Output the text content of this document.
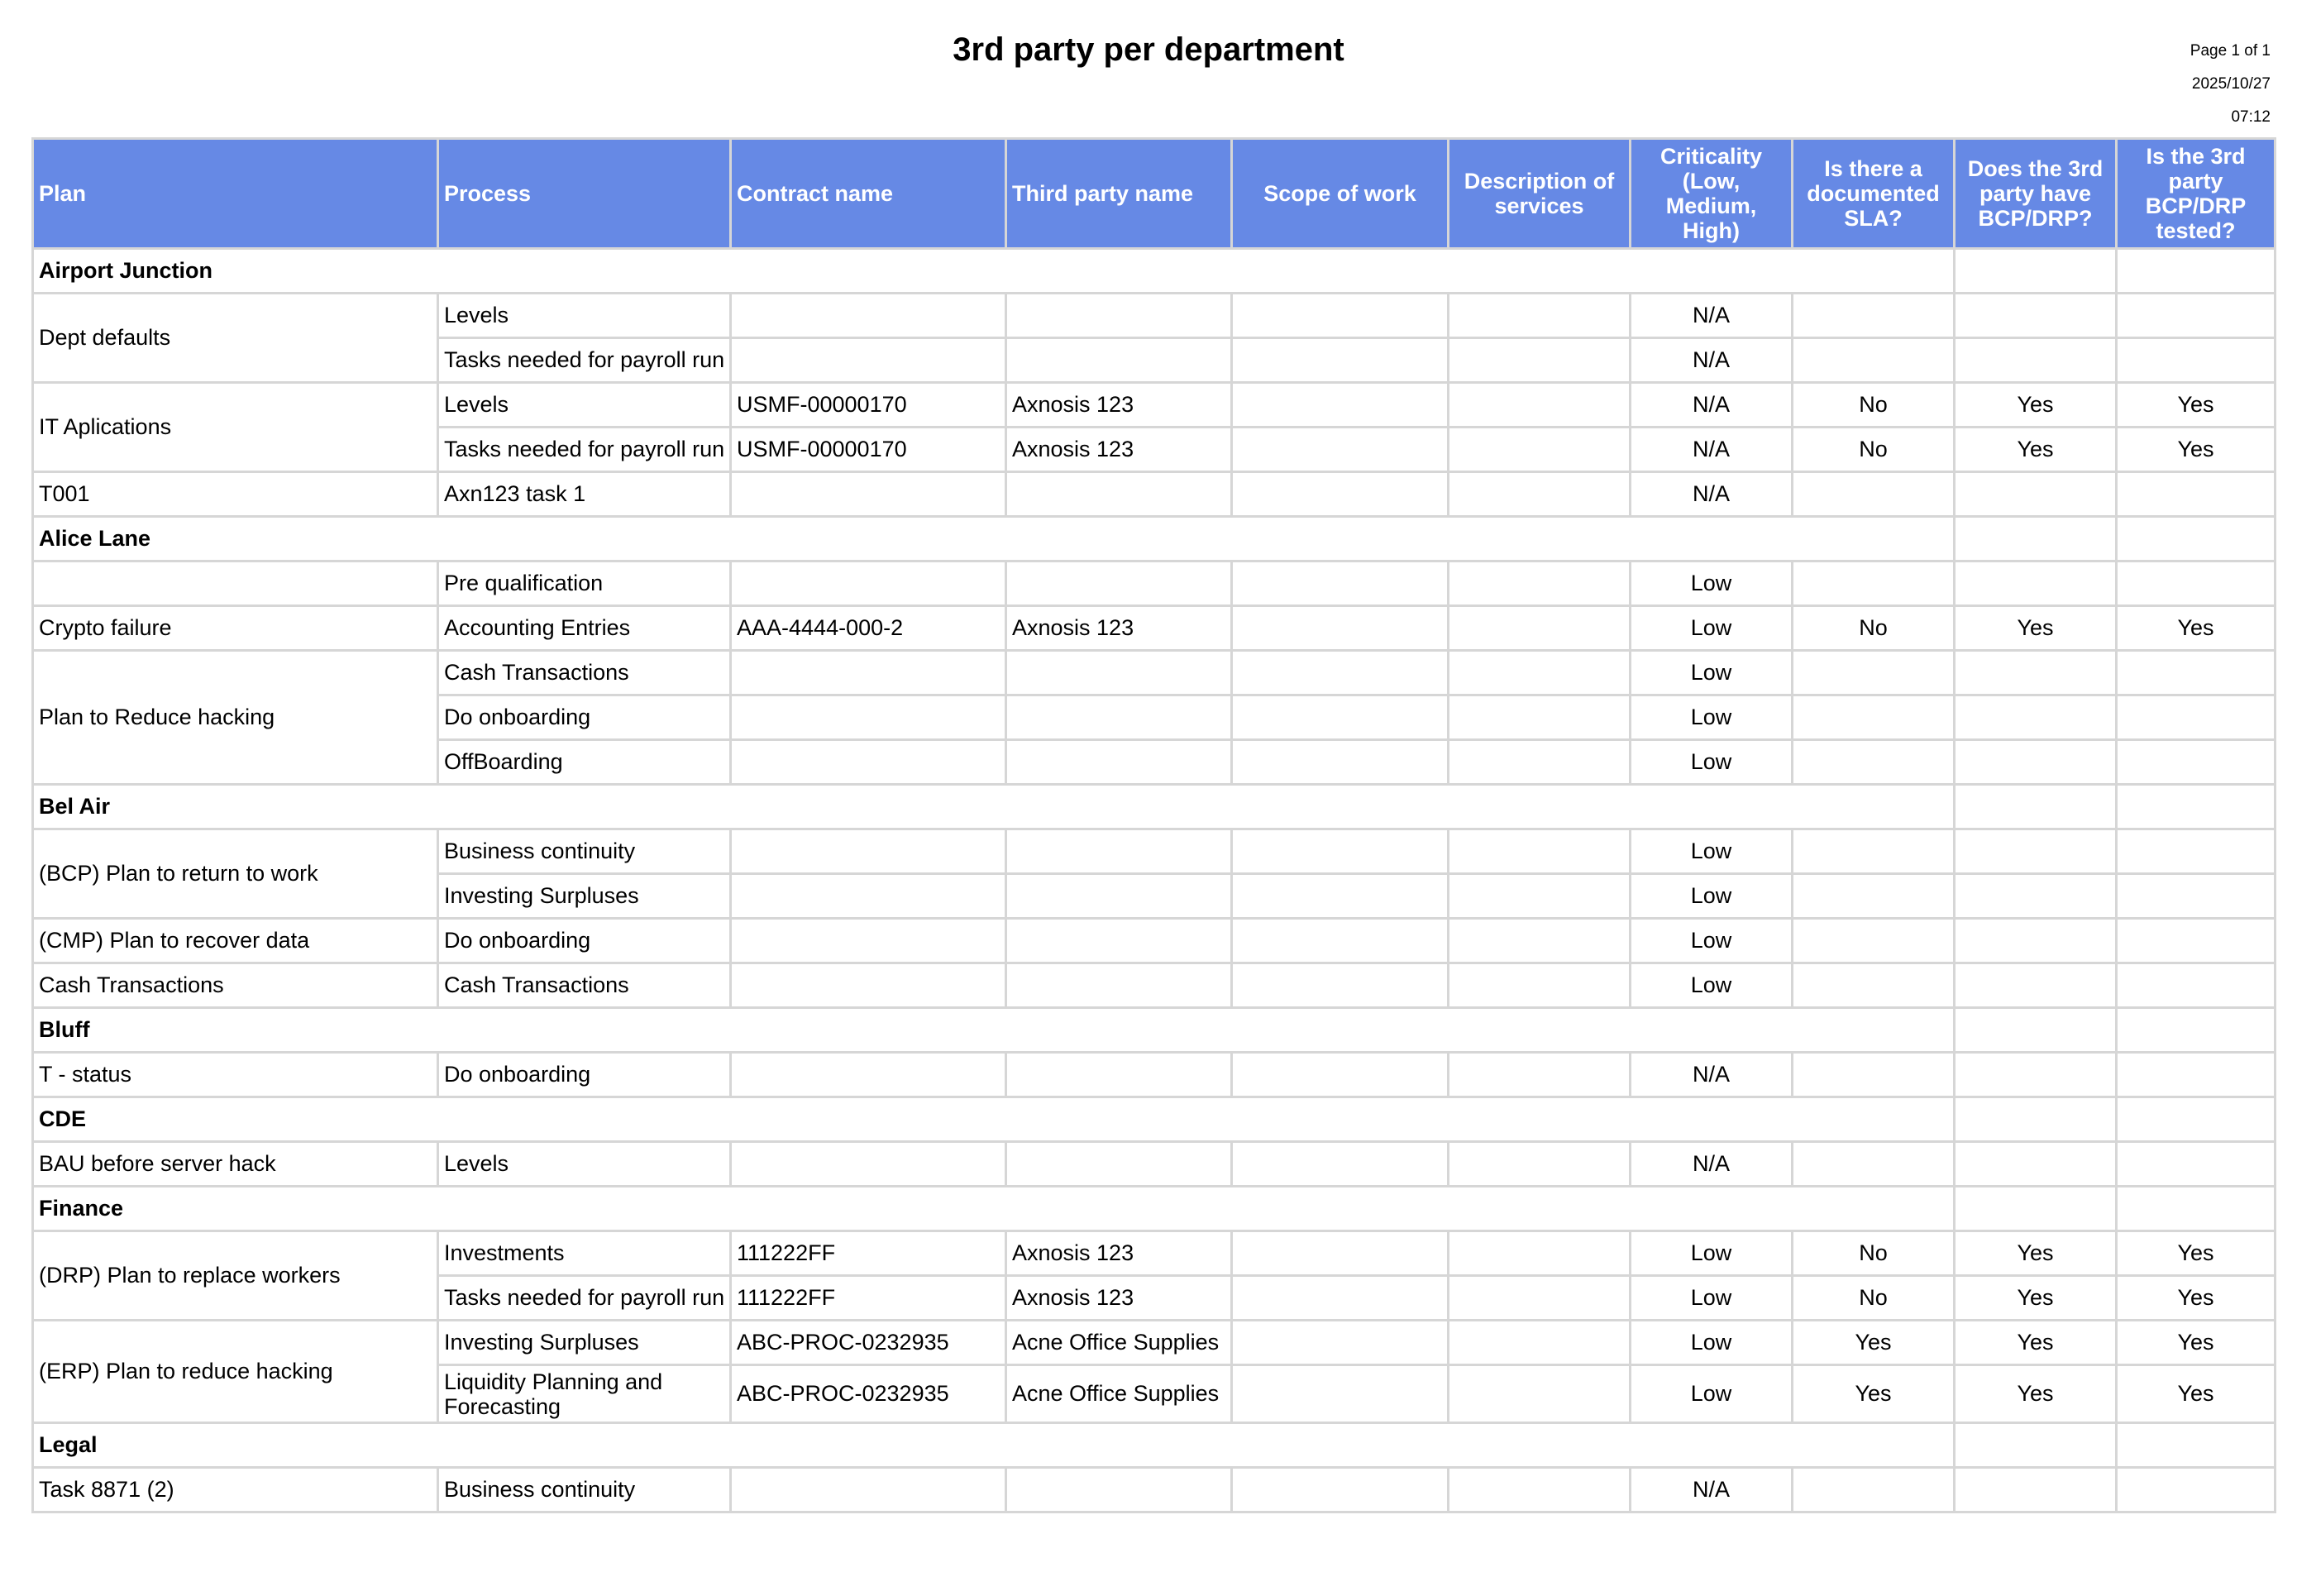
3rd party per department	Page 1 of 1
2025/10/27
07:12
Plan	Process	Contract name	Third party name	Scope of work	Description of services	Criticality (Low, Medium, High)	Is there a documented SLA?	Does the 3rd party have BCP/DRP?	Is the 3rd party BCP/DRP tested?
Airport Junction									
Dept defaults	Levels					N/A			
	Tasks needed for payroll run					N/A			
IT Aplications	Levels	USMF-00000170	Axnosis 123			N/A	No	Yes	Yes
	Tasks needed for payroll run	USMF-00000170	Axnosis 123			N/A	No	Yes	Yes
T001	Axn123 task 1					N/A			
Alice Lane									
	Pre qualification					Low			
Crypto failure	Accounting Entries	AAA-4444-000-2	Axnosis 123			Low	No	Yes	Yes
Plan to Reduce hacking	Cash Transactions					Low			
	Do onboarding					Low			
	OffBoarding					Low			
Bel Air									
(BCP) Plan to return to work	Business continuity					Low			
	Investing Surpluses					Low			
(CMP) Plan to recover data	Do onboarding					Low			
Cash Transactions	Cash Transactions					Low			
Bluff									
T - status	Do onboarding					N/A			
CDE									
BAU before server hack	Levels					N/A			
Finance									
(DRP) Plan to replace workers	Investments	111222FF	Axnosis 123			Low	No	Yes	Yes
	Tasks needed for payroll run	111222FF	Axnosis 123			Low	No	Yes	Yes
(ERP) Plan to reduce hacking	Investing Surpluses	ABC-PROC-0232935	Acne Office Supplies			Low	Yes	Yes	Yes
	Liquidity Planning and Forecasting	ABC-PROC-0232935	Acne Office Supplies			Low	Yes	Yes	Yes
Legal									
Task 8871 (2)	Business continuity					N/A			
